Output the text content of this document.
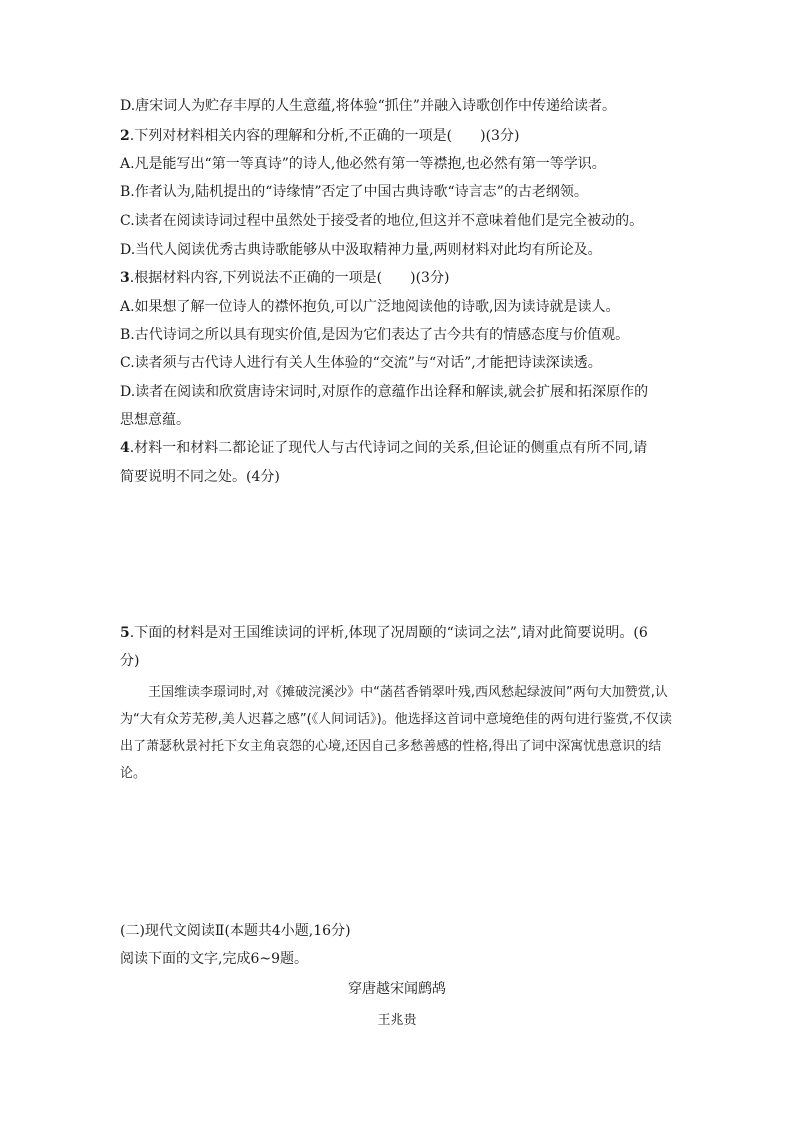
D.唐宋词人为贮存丰厚的人生意蕴,将体验“抓住”并融入诗歌创作中传递给读者。
2.下列对材料相关内容的理解和分析,不正确的一项是(　　)(3分)
A.凡是能写出“第一等真诗”的诗人,他必然有第一等襟抱,也必然有第一等学识。
B.作者认为,陆机提出的“诗缘情”否定了中国古典诗歌“诗言志”的古老纲领。
C.读者在阅读诗词过程中虽然处于接受者的地位,但这并不意味着他们是完全被动的。
D.当代人阅读优秀古典诗歌能够从中汲取精神力量,两则材料对此均有所论及。
3.根据材料内容,下列说法不正确的一项是(　　)(3分)
A.如果想了解一位诗人的襟怀抱负,可以广泛地阅读他的诗歌,因为读诗就是读人。
B.古代诗词之所以具有现实价值,是因为它们表达了古今共有的情感态度与价值观。
C.读者须与古代诗人进行有关人生体验的“交流”与“对话”,才能把诗读深读透。
D.读者在阅读和欣赏唐诗宋词时,对原作的意蕴作出诠释和解读,就会扩展和拓深原作的
思想意蕴。
4.材料一和材料二都论证了现代人与古代诗词之间的关系,但论证的侧重点有所不同,请
简要说明不同之处。(4分)
5.下面的材料是对王国维读词的评析,体现了况周颐的“读词之法”,请对此简要说明。(6
分)

王国维读李璟词时,对《摊破浣溪沙》中“菡萏香销翠叶残,西风愁起绿波间”两句大加赞赏,认为“大有众芳芜秽,美人迟暮之感”(《人间词话》)。他选择这首词中意境绝佳的两句进行鉴赏,不仅读出了萧瑟秋景衬托下女主角哀怨的心境,还因自己多愁善感的性格,得出了词中深寓忧患意识的结论。

(二)现代文阅读Ⅱ(本题共4小题,16分)
阅读下面的文字,完成6~9题。
穿唐越宋闻鹧鸪
王兆贵
